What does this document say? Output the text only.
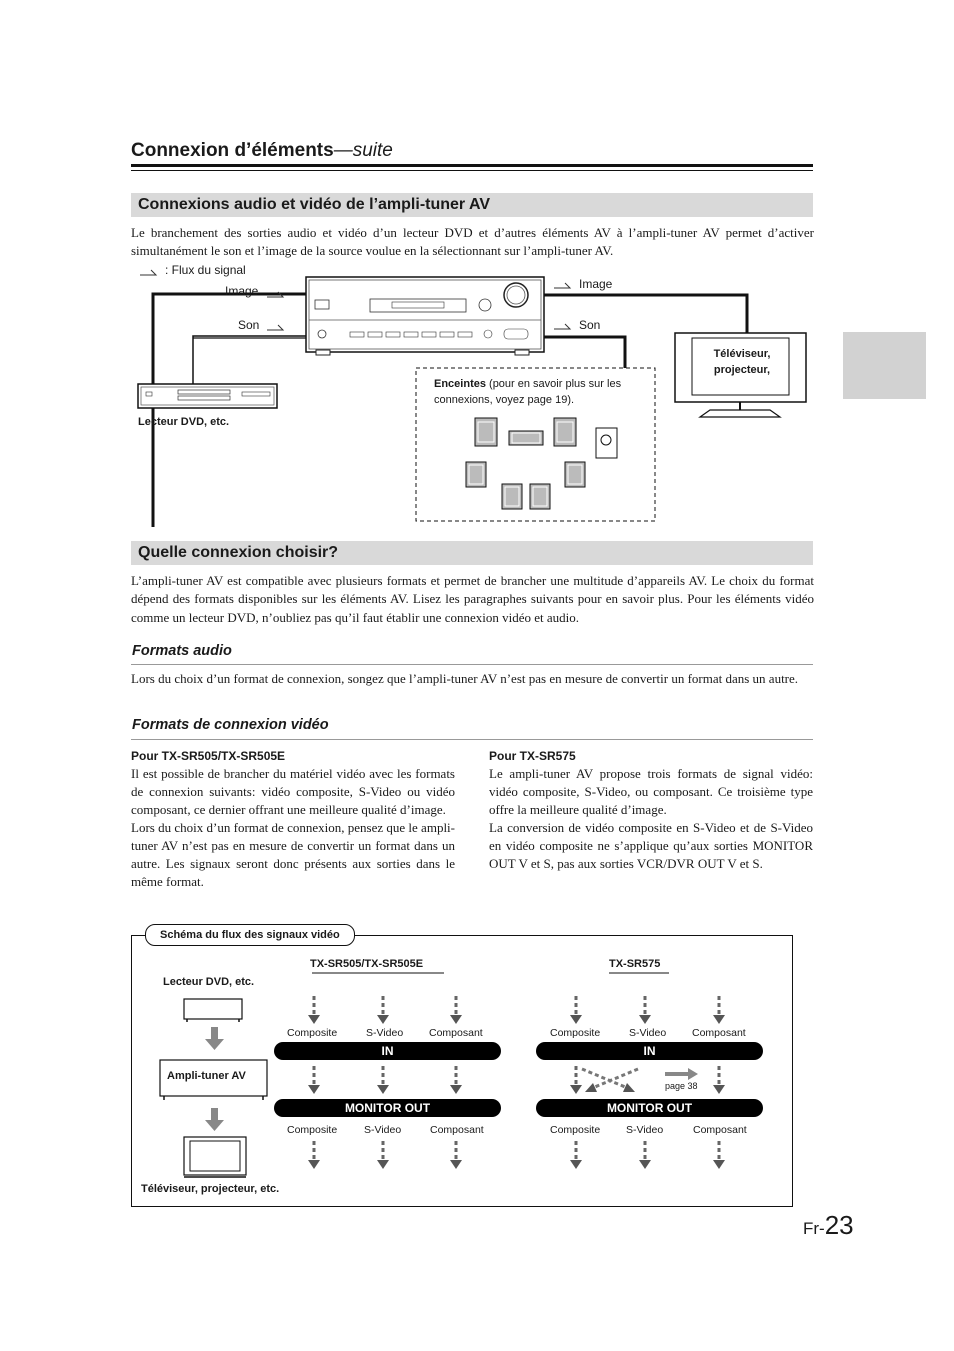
Connexion d’éléments—suite
Connexions audio et vidéo de l’ampli-tuner AV
Le branchement des sorties audio et vidéo d’un lecteur DVD et d’autres éléments AV à l’ampli-tuner AV permet d’activer simultanément le son et l’image de la source voulue en la sélectionnant sur l’ampli-tuner AV.
: Flux du signal
Image
Son
Image
Son
Téléviseur,
projecteur,
Lecteur DVD, etc.
Enceintes (pour en savoir plus sur les connexions, voyez page 19).
Quelle connexion choisir?
L’ampli-tuner AV est compatible avec plusieurs formats et permet de brancher une multitude d’appareils AV. Le choix du format dépend des formats disponibles sur les éléments AV. Lisez les paragraphes suivants pour en savoir plus. Pour les éléments vidéo comme un lecteur DVD, n’oubliez pas qu’il faut établir une connexion vidéo et audio.
Formats audio
Lors du choix d’un format de connexion, songez que l’ampli-tuner AV n’est pas en mesure de convertir un format dans un autre.
Formats de connexion vidéo
Pour TX-SR505/TX-SR505E
Il est possible de brancher du matériel vidéo avec les formats de connexion suivants: vidéo composite, S-Video ou vidéo composant, ce dernier offrant une meilleure qualité d’image.
Lors du choix d’un format de connexion, pensez que le ampli-tuner AV n’est pas en mesure de convertir un format dans un autre. Les signaux seront donc présents aux sorties dans le même format.
Pour TX-SR575
Le ampli-tuner AV propose trois formats de signal vidéo: vidéo composite, S-Video, ou composant. Ce troisième type offre la meilleure qualité d’image.
La conversion de vidéo composite en S-Video et de S-Video en vidéo composite ne s’applique qu’aux sorties MONITOR OUT V et S, pas aux sorties VCR/DVR OUT V et S.
Schéma du flux des signaux vidéo
Lecteur DVD, etc.
Ampli-tuner AV
Téléviseur, projecteur, etc.
TX-SR505/TX-SR505E	TX-SR575
Composite	S-Video Composant	Composite	S-Video Composant
IN	IN
page 38
MONITOR OUT	MONITOR OUT
Composite	S-Video	Composant	Composite S-Video	Composant
Fr-23
